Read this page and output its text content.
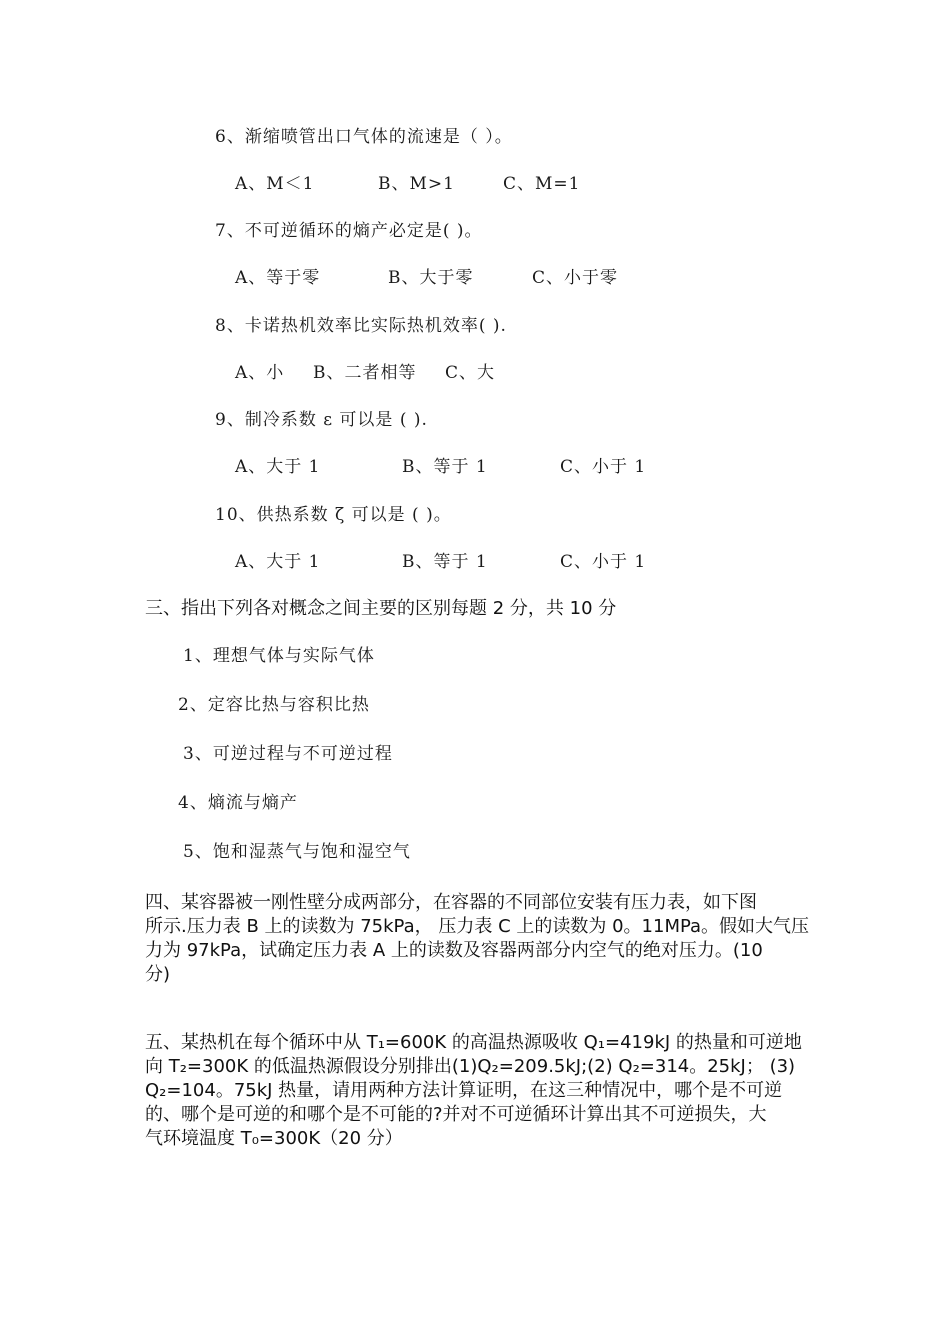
6、渐缩喷管出口气体的流速是（ ）。
A、M＜1	B、M>1	C、M=1
7、不可逆循环的熵产必定是( )。
A、等于零	B、大于零	C、小于零
8、卡诺热机效率比实际热机效率( ).
A、小 B、二者相等 C、大
9、制冷系数 ε 可以是 ( ).
A、大于 1	B、等于 1	C、小于 1
10、供热系数 ζ 可以是 ( )。
A、大于 1	B、等于 1	C、小于 1
三、指出下列各对概念之间主要的区别每题 2 分，共 10 分
1、理想气体与实际气体
2、定容比热与容积比热
3、可逆过程与不可逆过程
4、熵流与熵产
5、饱和湿蒸气与饱和湿空气
四、某容器被一刚性壁分成两部分，在容器的不同部位安装有压力表，如下图
所示.压力表 B 上的读数为 75kPa， 压力表 C 上的读数为 0。11MPa。假如大气压
力为 97kPa，试确定压力表 A 上的读数及容器两部分内空气的绝对压力。(10
分)
五、某热机在每个循环中从 T₁=600K 的高温热源吸收 Q₁=419kJ 的热量和可逆地
向 T₂=300K 的低温热源假设分别排出(1)Q₂=209.5kJ;(2) Q₂=314。25kJ； (3)
Q₂=104。75kJ 热量，请用两种方法计算证明，在这三种情况中，哪个是不可逆
的、哪个是可逆的和哪个是不可能的?并对不可逆循环计算出其不可逆损失，大
气环境温度 T₀=300K（20 分）
